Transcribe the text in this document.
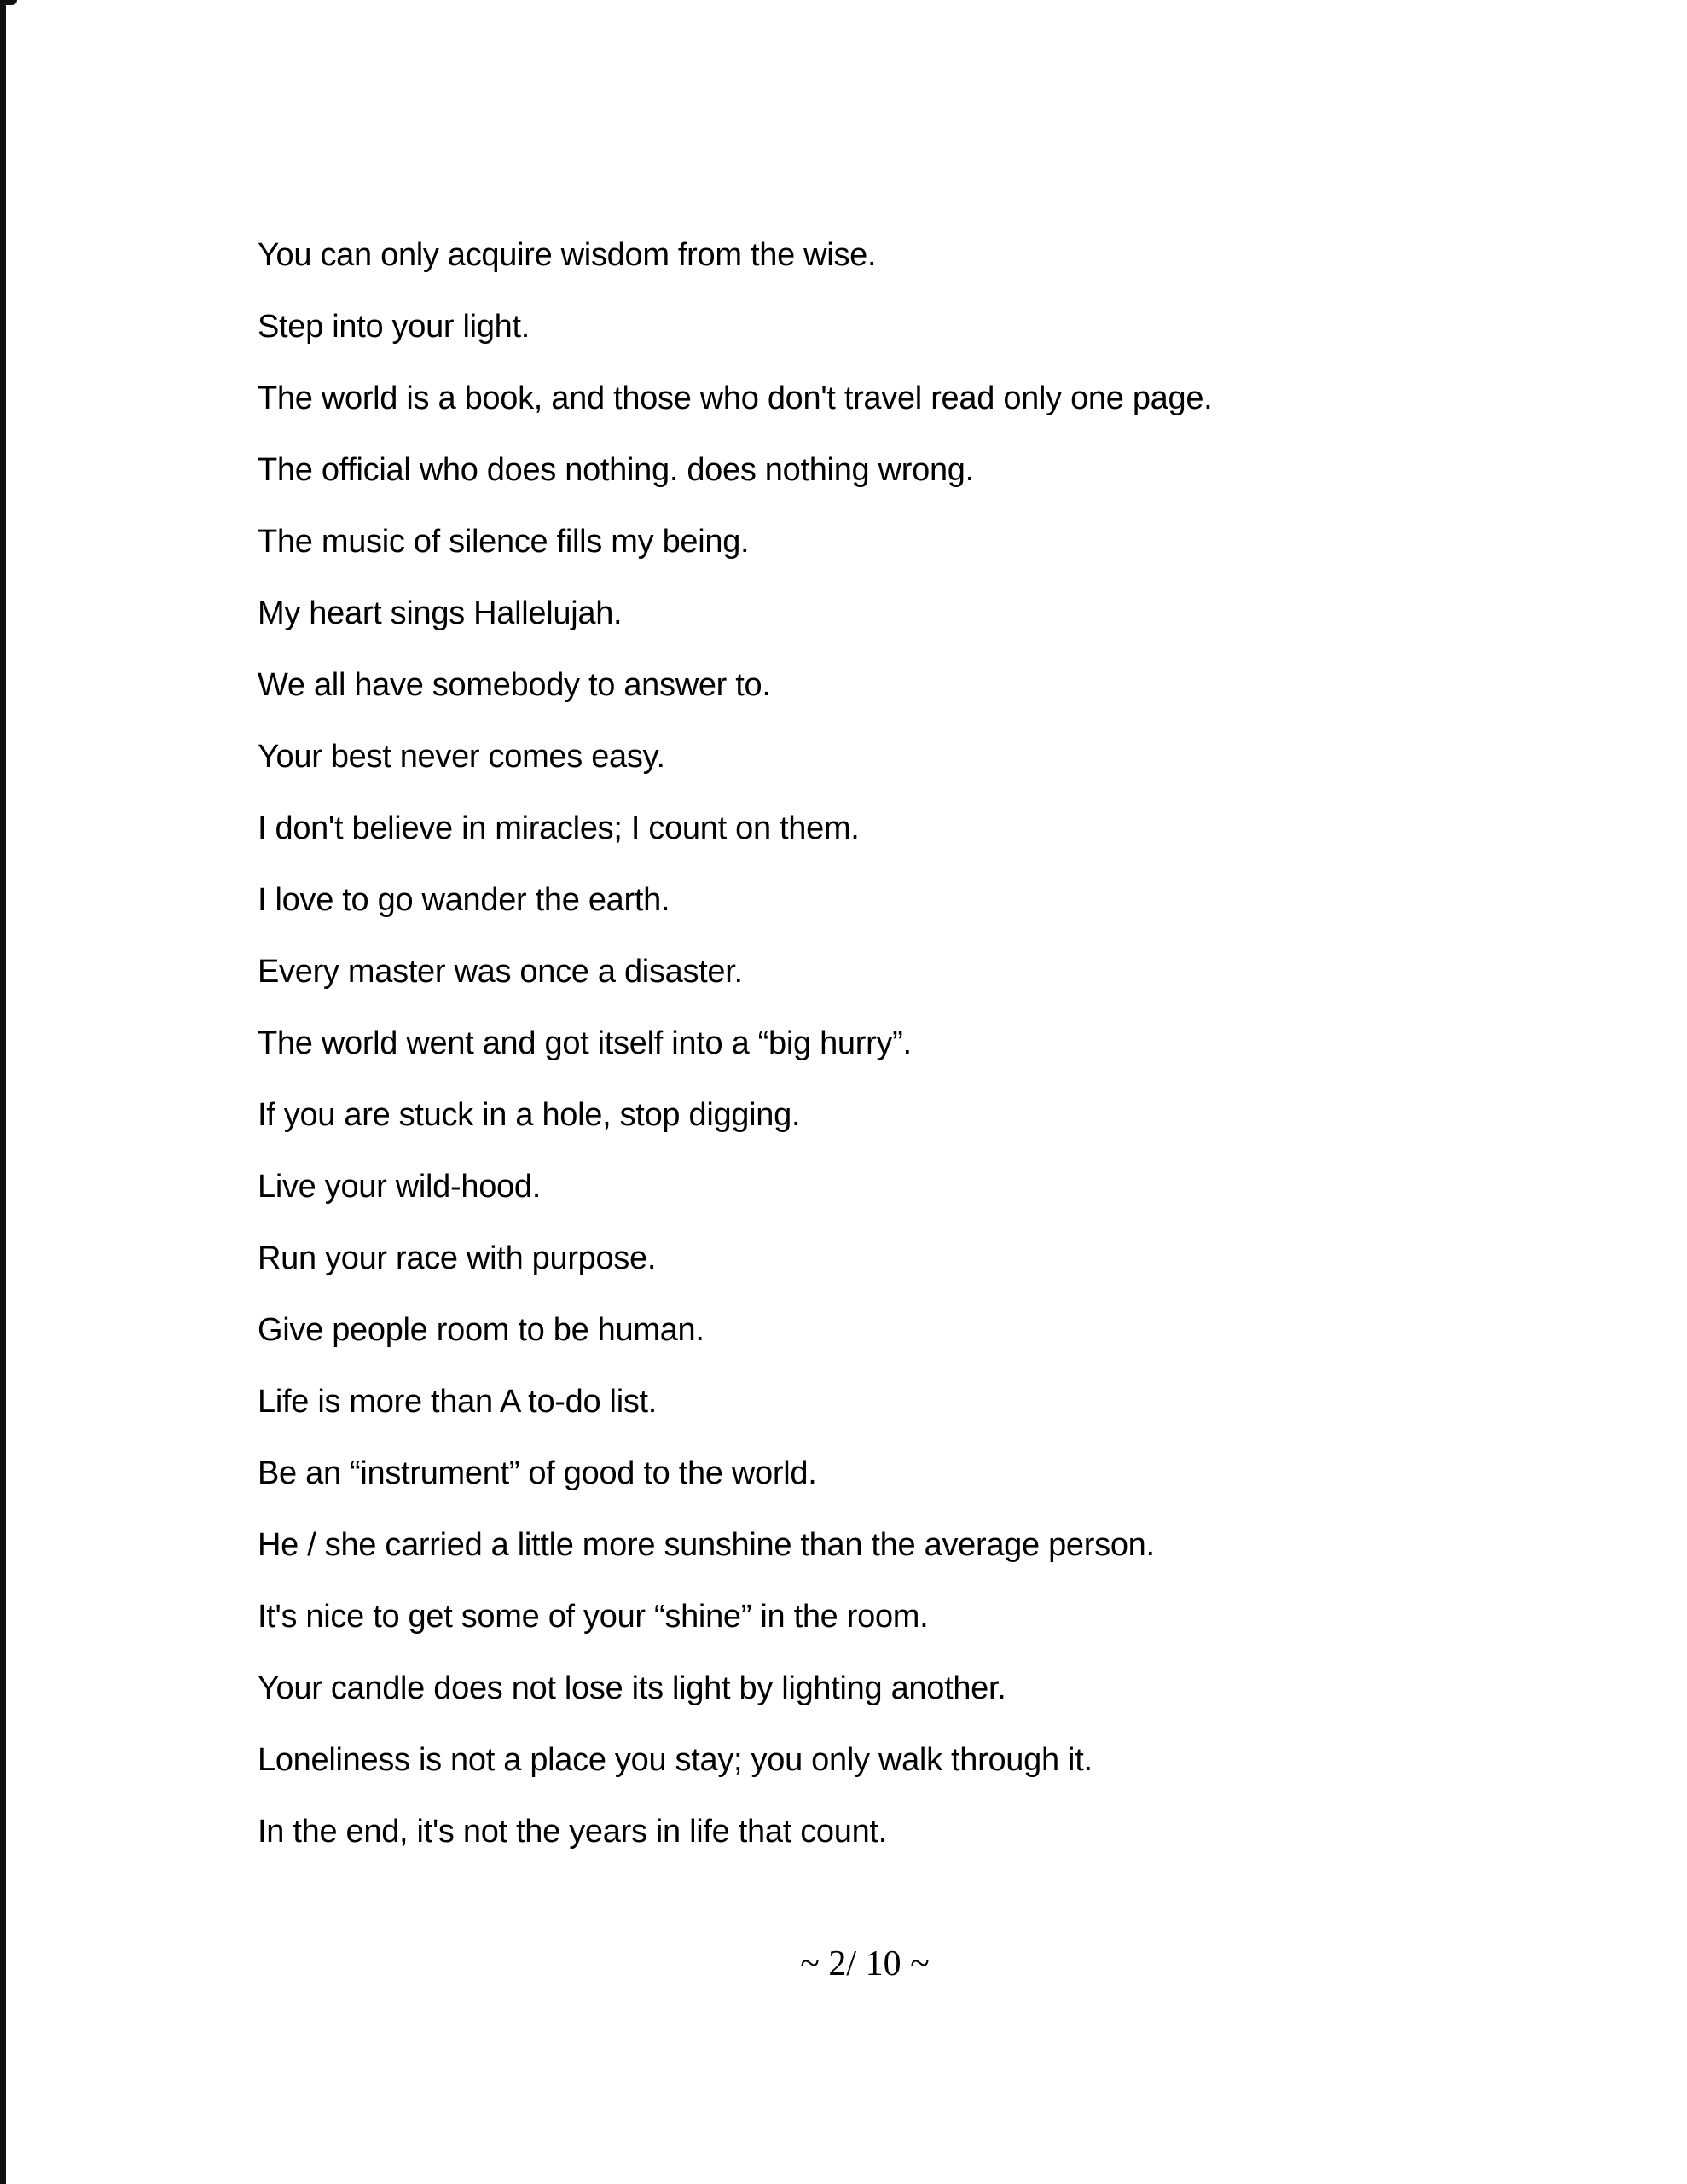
You can only acquire wisdom from the wise.
Step into your light.
The world is a book, and those who don't travel read only one page.
The official who does nothing. does nothing wrong.
The music of silence fills my being.
My heart sings Hallelujah.
We all have somebody to answer to.
Your best never comes easy.
I don't believe in miracles; I count on them.
I love to go wander the earth.
Every master was once a disaster.
The world went and got itself into a “big hurry”.
If you are stuck in a hole, stop digging.
Live your wild-hood.
Run your race with purpose.
Give people room to be human.
Life is more than A to-do list.
Be an “instrument” of good to the world.
He / she carried a little more sunshine than the average person.
It's nice to get some of your “shine” in the room.
Your candle does not lose its light by lighting another.
Loneliness is not a place you stay; you only walk through it.
In the end, it's not the years in life that count.
~ 2/ 10 ~
